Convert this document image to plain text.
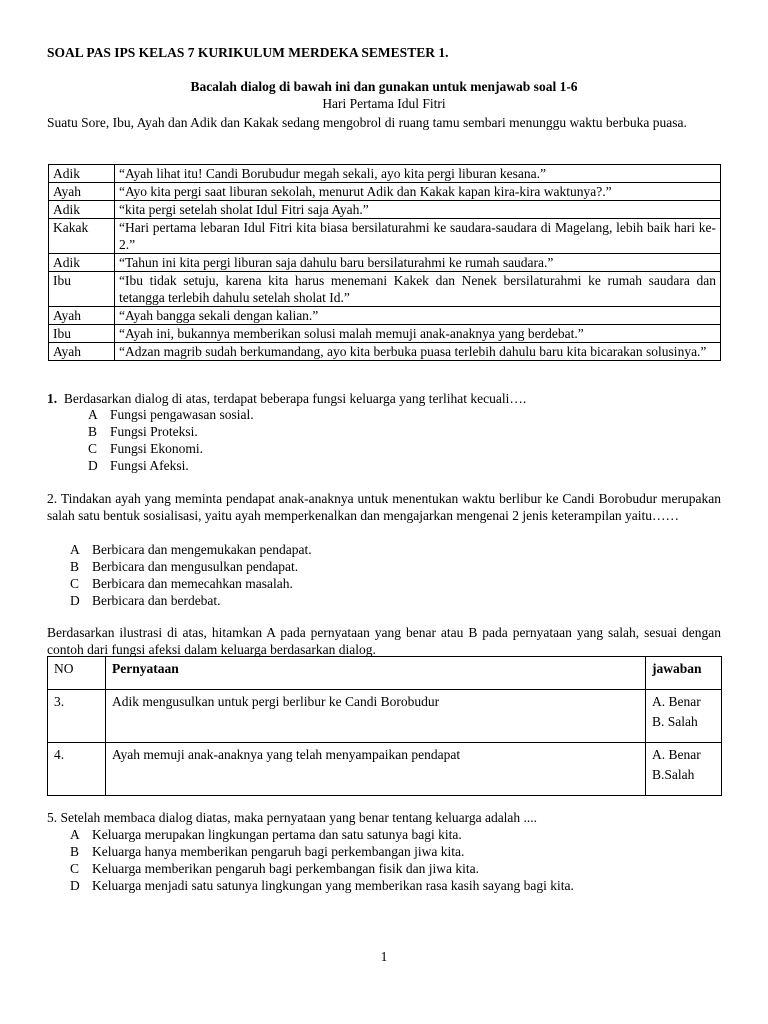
SOAL PAS IPS KELAS 7 KURIKULUM MERDEKA SEMESTER 1.
Bacalah dialog di bawah ini dan gunakan untuk menjawab soal 1-6
Hari Pertama Idul Fitri
Suatu Sore, Ibu, Ayah dan Adik dan Kakak sedang mengobrol di ruang tamu sembari menunggu waktu berbuka puasa.
Adik	“Ayah lihat itu! Candi Borubudur megah sekali, ayo kita pergi liburan kesana.”
Ayah	“Ayo kita pergi saat liburan sekolah, menurut Adik dan Kakak kapan kira-kira waktunya?.”
Adik	“kita pergi setelah sholat Idul Fitri saja Ayah.”
Kakak	“Hari pertama lebaran Idul Fitri kita biasa bersilaturahmi ke saudara-saudara di Magelang, lebih baik hari ke-2.”
Adik	“Tahun ini kita pergi liburan saja dahulu baru bersilaturahmi ke rumah saudara.”
Ibu	“Ibu tidak setuju, karena kita harus menemani Kakek dan Nenek bersilaturahmi ke rumah saudara dan tetangga terlebih dahulu setelah sholat Id.”
Ayah	“Ayah bangga sekali dengan kalian.”
Ibu	“Ayah ini, bukannya memberikan solusi malah memuji anak-anaknya yang berdebat.”
Ayah	“Adzan magrib sudah berkumandang, ayo kita berbuka puasa terlebih dahulu baru kita bicarakan solusinya.”
1. Berdasarkan dialog di atas, terdapat beberapa fungsi keluarga yang terlihat kecuali….
A Fungsi pengawasan sosial.
B Fungsi Proteksi.
C Fungsi Ekonomi.
D Fungsi Afeksi.
2. Tindakan ayah yang meminta pendapat anak-anaknya untuk menentukan waktu berlibur ke Candi Borobudur merupakan salah satu bentuk sosialisasi, yaitu ayah memperkenalkan dan mengajarkan mengenai 2 jenis keterampilan yaitu……
A Berbicara dan mengemukakan pendapat.
B Berbicara dan mengusulkan pendapat.
C Berbicara dan memecahkan masalah.
D Berbicara dan berdebat.
Berdasarkan ilustrasi di atas, hitamkan A pada pernyataan yang benar atau B pada pernyataan yang salah, sesuai dengan contoh dari fungsi afeksi dalam keluarga berdasarkan dialog.
NO	Pernyataan	jawaban
3.	Adik mengusulkan untuk pergi berlibur ke Candi Borobudur	A. Benar
B. Salah

4.	Ayah memuji anak-anaknya yang telah menyampaikan pendapat	A. Benar
B.Salah
5. Setelah membaca dialog diatas, maka pernyataan yang benar tentang keluarga adalah ....
A Keluarga merupakan lingkungan pertama dan satu satunya bagi kita.
B Keluarga hanya memberikan pengaruh bagi perkembangan jiwa kita.
C Keluarga memberikan pengaruh bagi perkembangan fisik dan jiwa kita.
D Keluarga menjadi satu satunya lingkungan yang memberikan rasa kasih sayang bagi kita.
1
